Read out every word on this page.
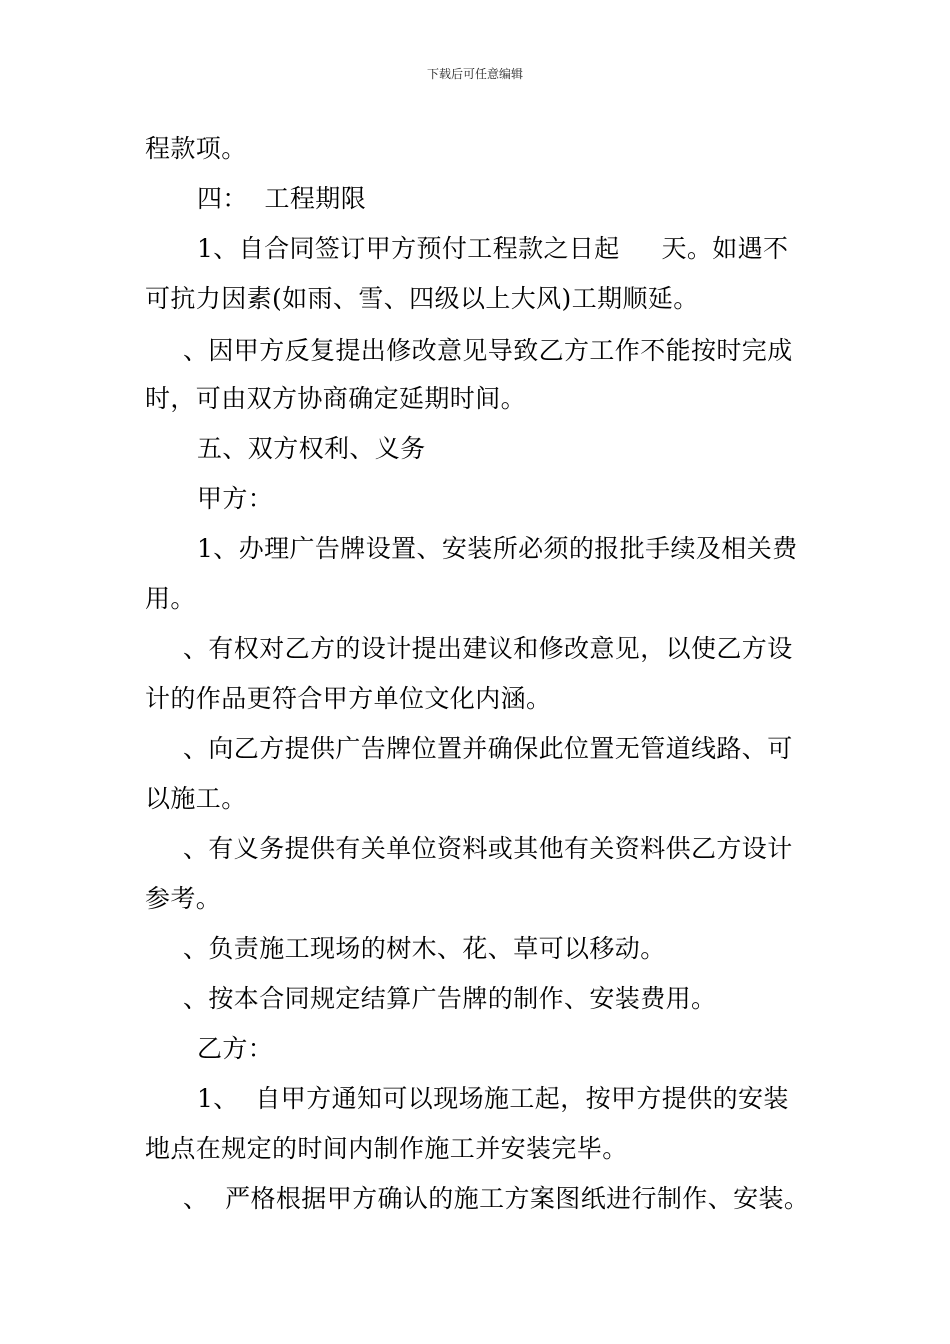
下载后可任意编辑
程款项。
四：  工程期限
1、自合同签订甲方预付工程款之日起     天。如遇不
可抗力因素(如雨、雪、四级以上大风)工期顺延。
、因甲方反复提出修改意见导致乙方工作不能按时完成
时，可由双方协商确定延期时间。
五、双方权利、义务
甲方：
1、办理广告牌设置、安装所必须的报批手续及相关费
用。
、有权对乙方的设计提出建议和修改意见，以使乙方设
计的作品更符合甲方单位文化内涵。
、向乙方提供广告牌位置并确保此位置无管道线路、可
以施工。
、有义务提供有关单位资料或其他有关资料供乙方设计
参考。
、负责施工现场的树木、花、草可以移动。
、按本合同规定结算广告牌的制作、安装费用。
乙方：
1、  自甲方通知可以现场施工起，按甲方提供的安装
地点在规定的时间内制作施工并安装完毕。
、  严格根据甲方确认的施工方案图纸进行制作、安装。
